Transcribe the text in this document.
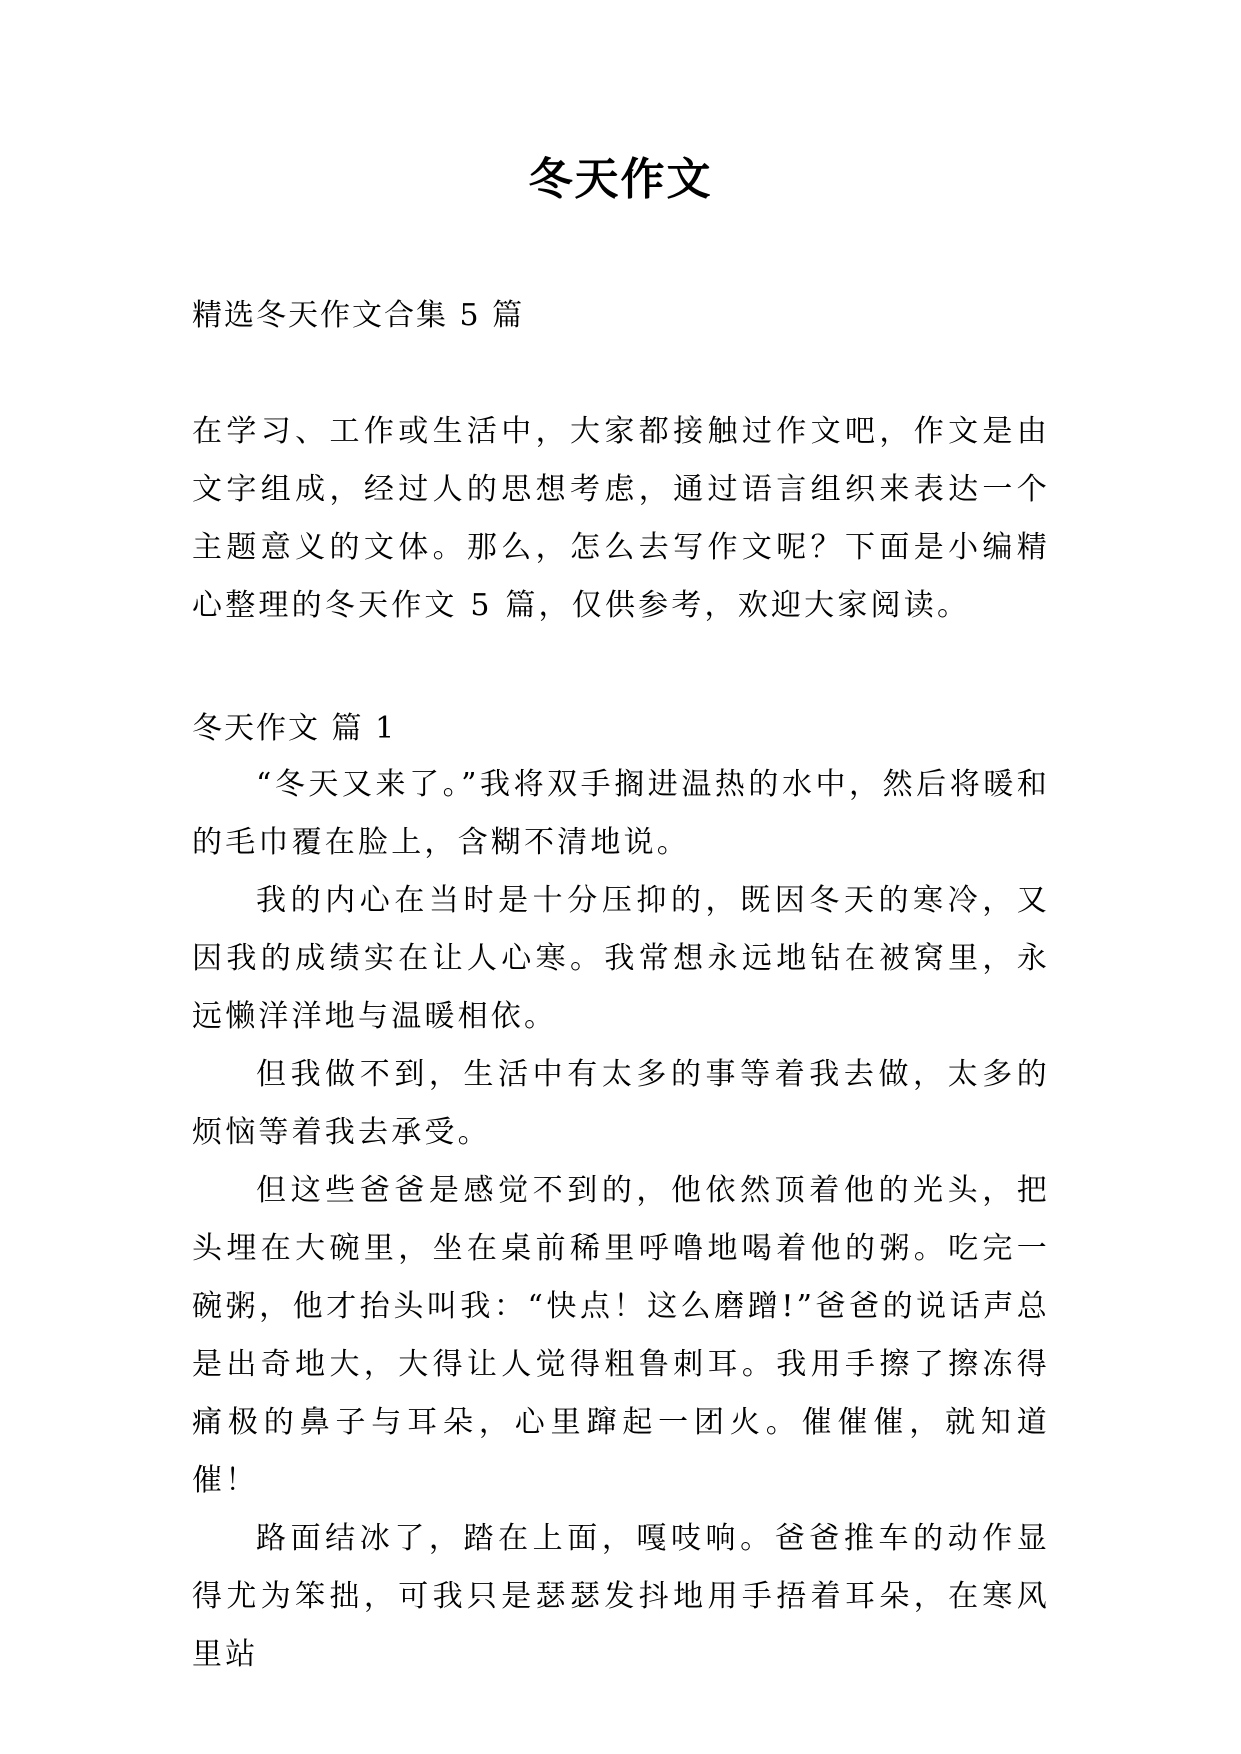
冬天作文
精选冬天作文合集 5 篇

在学习、工作或生活中，大家都接触过作文吧，作文是由文字组成，经过人的思想考虑，通过语言组织来表达一个主题意义的文体。那么，怎么去写作文呢？下面是小编精心整理的冬天作文 5 篇，仅供参考，欢迎大家阅读。

冬天作文 篇 1

“冬天又来了。”我将双手搁进温热的水中，然后将暖和的毛巾覆在脸上，含糊不清地说。

我的内心在当时是十分压抑的，既因冬天的寒冷，又因我的成绩实在让人心寒。我常想永远地钻在被窝里，永远懒洋洋地与温暖相依。

但我做不到，生活中有太多的事等着我去做，太多的烦恼等着我去承受。

但这些爸爸是感觉不到的，他依然顶着他的光头，把头埋在大碗里，坐在桌前稀里呼噜地喝着他的粥。吃完一碗粥，他才抬头叫我：“快点！这么磨蹭!”爸爸的说话声总是出奇地大，大得让人觉得粗鲁刺耳。我用手擦了擦冻得痛极的鼻子与耳朵，心里蹿起一团火。催催催，就知道催！

路面结冰了，踏在上面，嘎吱响。爸爸推车的动作显得尤为笨拙，可我只是瑟瑟发抖地用手捂着耳朵，在寒风里站
